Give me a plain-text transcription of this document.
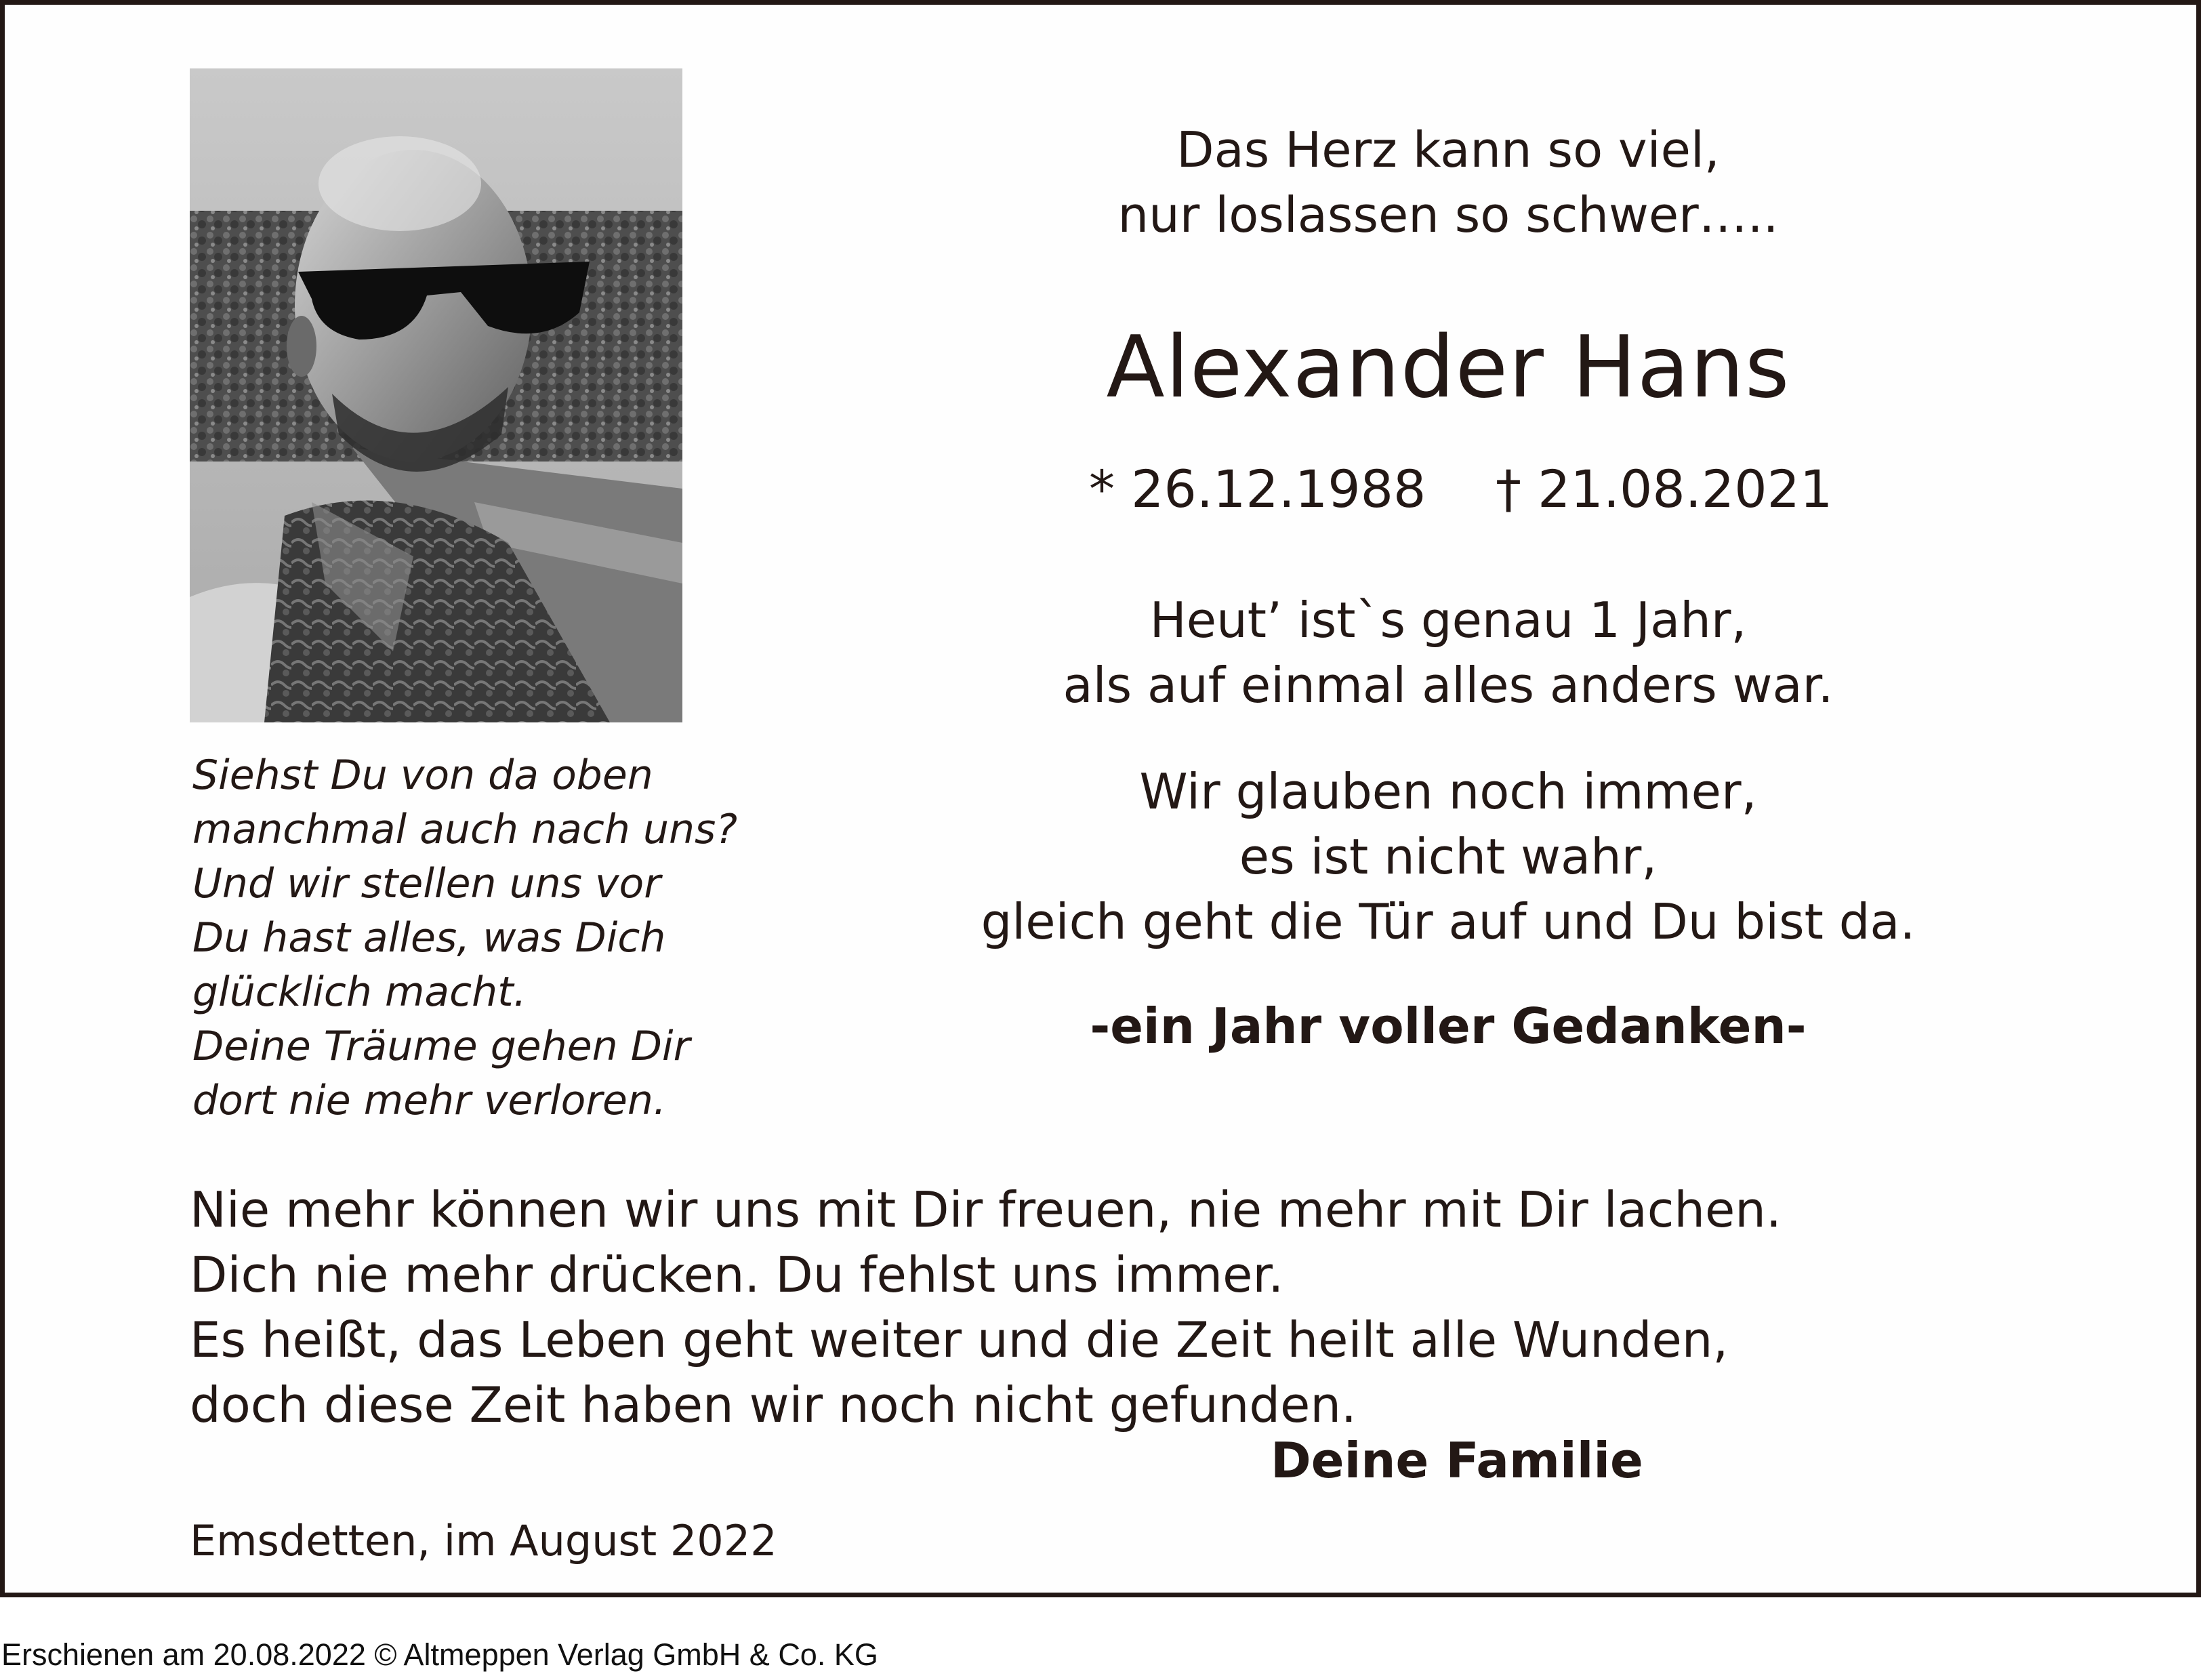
Das Herz kann so viel,
nur loslassen so schwer…..
Alexander Hans
* 26.12.1988 † 21.08.2021
Heut’ ist`s genau 1 Jahr,
als auf einmal alles anders war.
Wir glauben noch immer,
es ist nicht wahr,
gleich geht die Tür auf und Du bist da.
-ein Jahr voller Gedanken-
Siehst Du von da oben
manchmal auch nach uns?
Und wir stellen uns vor
Du hast alles, was Dich
glücklich macht.
Deine Träume gehen Dir
dort nie mehr verloren.
Nie mehr können wir uns mit Dir freuen, nie mehr mit Dir lachen.
Dich nie mehr drücken. Du fehlst uns immer.
Es heißt, das Leben geht weiter und die Zeit heilt alle Wunden,
doch diese Zeit haben wir noch nicht gefunden.
Deine Familie
Emsdetten, im August 2022
Erschienen am 20.08.2022 © Altmeppen Verlag GmbH & Co. KG
